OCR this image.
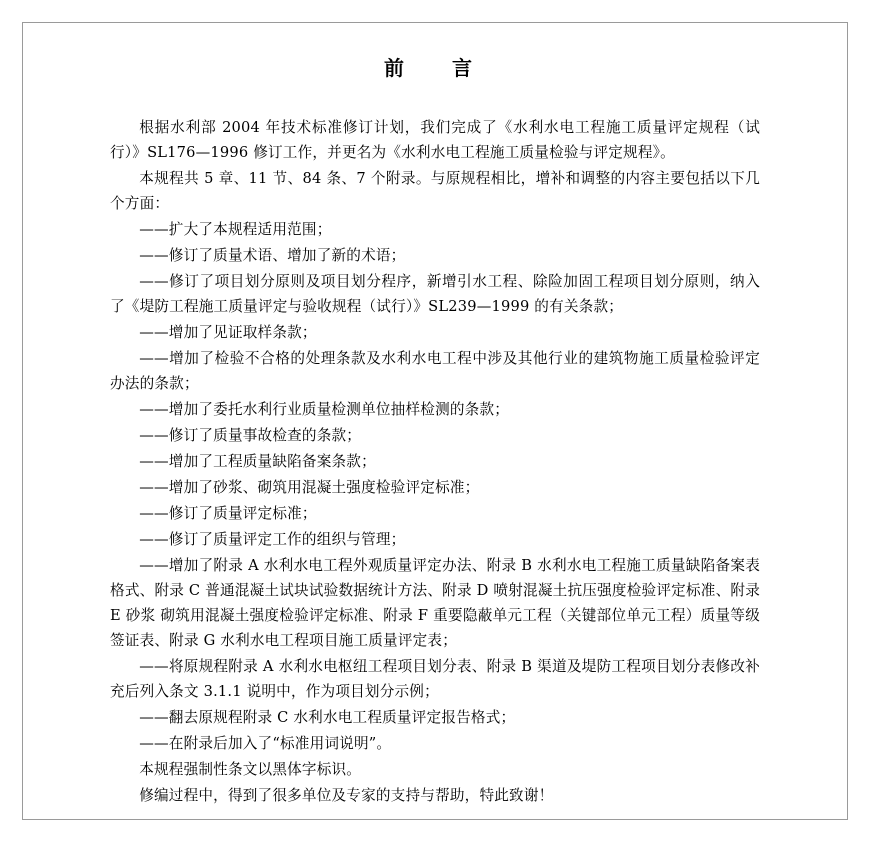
前　言

根据水利部 2004 年技术标准修订计划，我们完成了《水利水电工程施工质量评定规程（试行）》SL176—1996 修订工作，并更名为《水利水电工程施工质量检验与评定规程》。

本规程共 5 章、11 节、84 条、7 个附录。与原规程相比，增补和调整的内容主要包括以下几个方面：

——扩大了本规程适用范围；

——修订了质量术语、增加了新的术语；

——修订了项目划分原则及项目划分程序，新增引水工程、除险加固工程项目划分原则，纳入了《堤防工程施工质量评定与验收规程（试行）》SL239—1999 的有关条款；

——增加了见证取样条款；

——增加了检验不合格的处理条款及水利水电工程中涉及其他行业的建筑物施工质量检验评定办法的条款；

——增加了委托水利行业质量检测单位抽样检测的条款；

——修订了质量事故检查的条款；

——增加了工程质量缺陷备案条款；

——增加了砂浆、砌筑用混凝土强度检验评定标准；

——修订了质量评定标准；

——修订了质量评定工作的组织与管理；

——增加了附录 A 水利水电工程外观质量评定办法、附录 B 水利水电工程施工质量缺陷备案表格式、附录 C 普通混凝土试块试验数据统计方法、附录 D 喷射混凝土抗压强度检验评定标准、附录 E 砂浆 砌筑用混凝土强度检验评定标准、附录 F 重要隐蔽单元工程（关键部位单元工程）质量等级签证表、附录 G 水利水电工程项目施工质量评定表；

——将原规程附录 A 水利水电枢纽工程项目划分表、附录 B 渠道及堤防工程项目划分表修改补充后列入条文 3.1.1 说明中，作为项目划分示例；

——翻去原规程附录 C 水利水电工程质量评定报告格式；

——在附录后加入了“标准用词说明”。

本规程强制性条文以黑体字标识。

修编过程中，得到了很多单位及专家的支持与帮助，特此致谢！
